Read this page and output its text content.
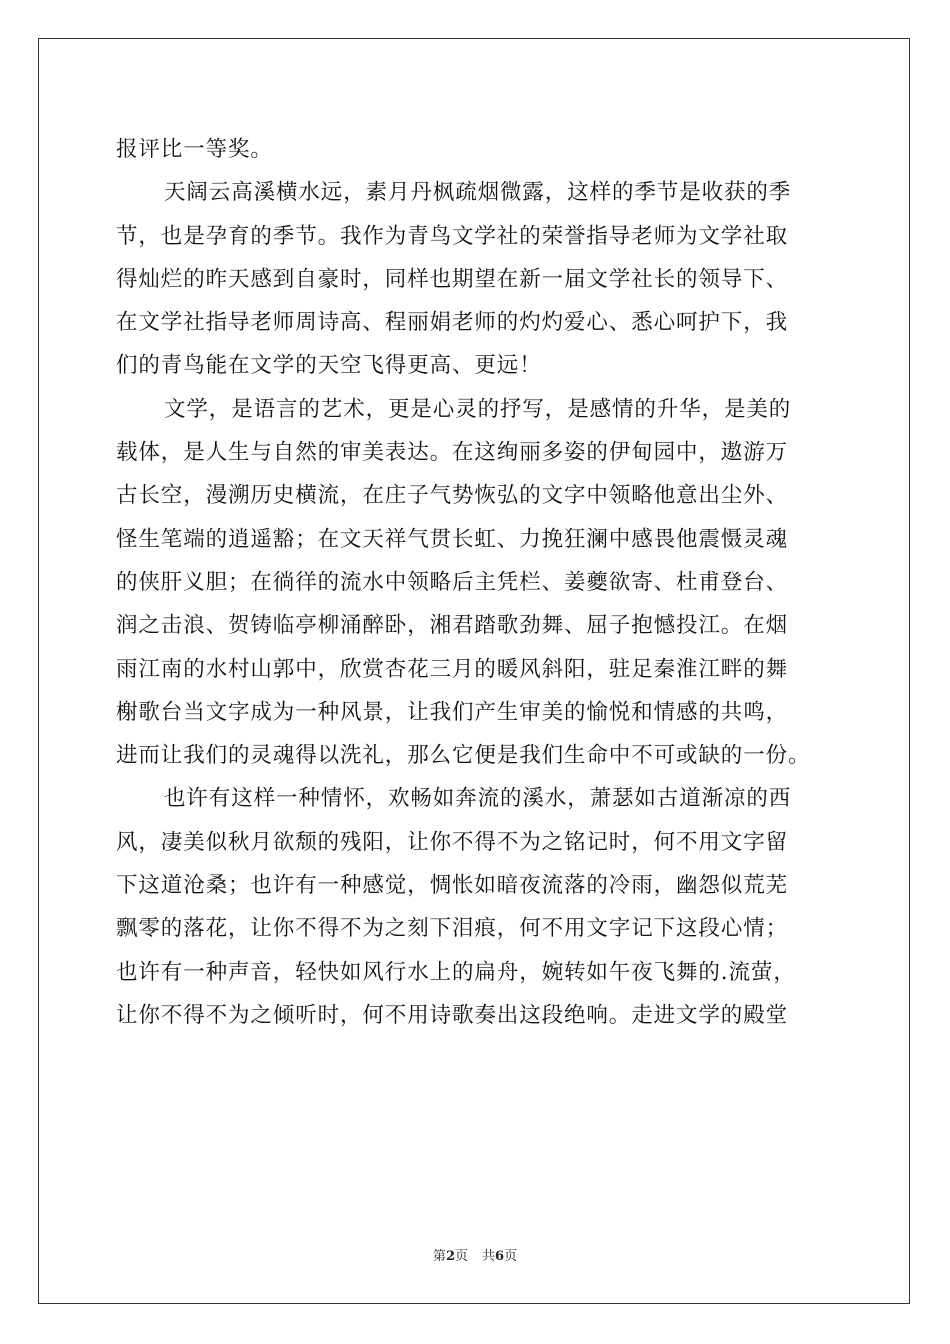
报评比一等奖。
天阔云高溪横水远，素月丹枫疏烟微露，这样的季节是收获的季
节，也是孕育的季节。我作为青鸟文学社的荣誉指导老师为文学社取
得灿烂的昨天感到自豪时，同样也期望在新一届文学社长的领导下、
在文学社指导老师周诗高、程丽娟老师的灼灼爱心、悉心呵护下，我
们的青鸟能在文学的天空飞得更高、更远！
文学，是语言的艺术，更是心灵的抒写，是感情的升华，是美的
载体，是人生与自然的审美表达。在这绚丽多姿的伊甸园中，遨游万
古长空，漫溯历史横流，在庄子气势恢弘的文字中领略他意出尘外、
怪生笔端的逍遥豁；在文天祥气贯长虹、力挽狂澜中感畏他震慑灵魂
的侠肝义胆；在徜徉的流水中领略后主凭栏、姜夔欲寄、杜甫登台、
润之击浪、贺铸临亭柳涌醉卧，湘君踏歌劲舞、屈子抱憾投江。在烟
雨江南的水村山郭中，欣赏杏花三月的暖风斜阳，驻足秦淮江畔的舞
榭歌台当文字成为一种风景，让我们产生审美的愉悦和情感的共鸣，
进而让我们的灵魂得以洗礼，那么它便是我们生命中不可或缺的一份。
也许有这样一种情怀，欢畅如奔流的溪水，萧瑟如古道渐凉的西
风，凄美似秋月欲颓的残阳，让你不得不为之铭记时，何不用文字留
下这道沧桑；也许有一种感觉，惆怅如暗夜流落的冷雨，幽怨似荒芜
飘零的落花，让你不得不为之刻下泪痕，何不用文字记下这段心情；
也许有一种声音，轻快如风行水上的扁舟，婉转如午夜飞舞的.流萤，
让你不得不为之倾听时，何不用诗歌奏出这段绝响。走进文学的殿堂
第2页 共6页
